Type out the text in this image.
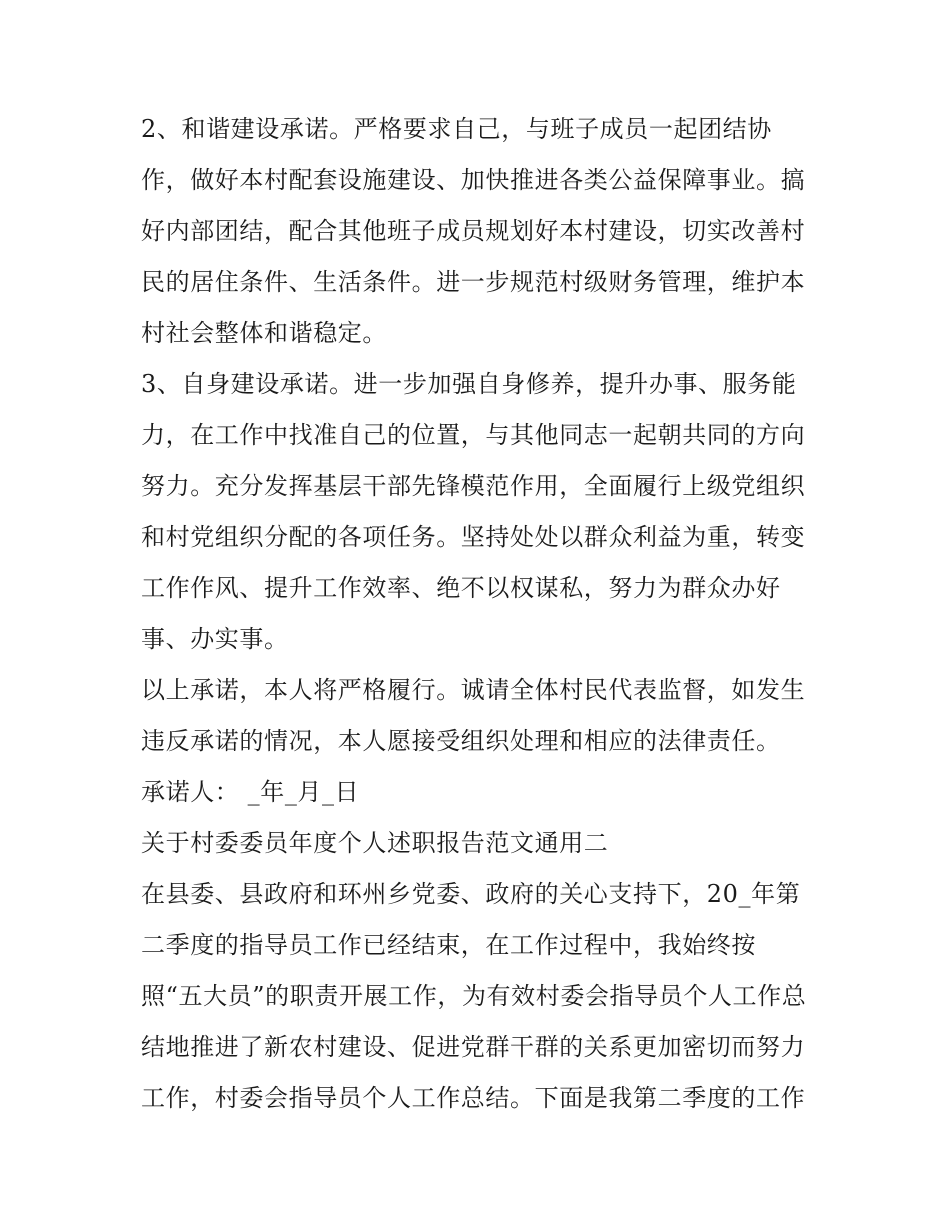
2、和谐建设承诺。严格要求自己，与班子成员一起团结协
作，做好本村配套设施建设、加快推进各类公益保障事业。搞
好内部团结，配合其他班子成员规划好本村建设，切实改善村
民的居住条件、生活条件。进一步规范村级财务管理，维护本
村社会整体和谐稳定。
3、自身建设承诺。进一步加强自身修养，提升办事、服务能
力，在工作中找准自己的位置，与其他同志一起朝共同的方向
努力。充分发挥基层干部先锋模范作用，全面履行上级党组织
和村党组织分配的各项任务。坚持处处以群众利益为重，转变
工作作风、提升工作效率、绝不以权谋私，努力为群众办好
事、办实事。
以上承诺，本人将严格履行。诚请全体村民代表监督，如发生
违反承诺的情况，本人愿接受组织处理和相应的法律责任。
承诺人： _年_月_日
关于村委委员年度个人述职报告范文通用二
在县委、县政府和环州乡党委、政府的关心支持下，20_年第
二季度的指导员工作已经结束，在工作过程中，我始终按
照“五大员”的职责开展工作，为有效村委会指导员个人工作总
结地推进了新农村建设、促进党群干群的关系更加密切而努力
工作，村委会指导员个人工作总结。下面是我第二季度的工作
